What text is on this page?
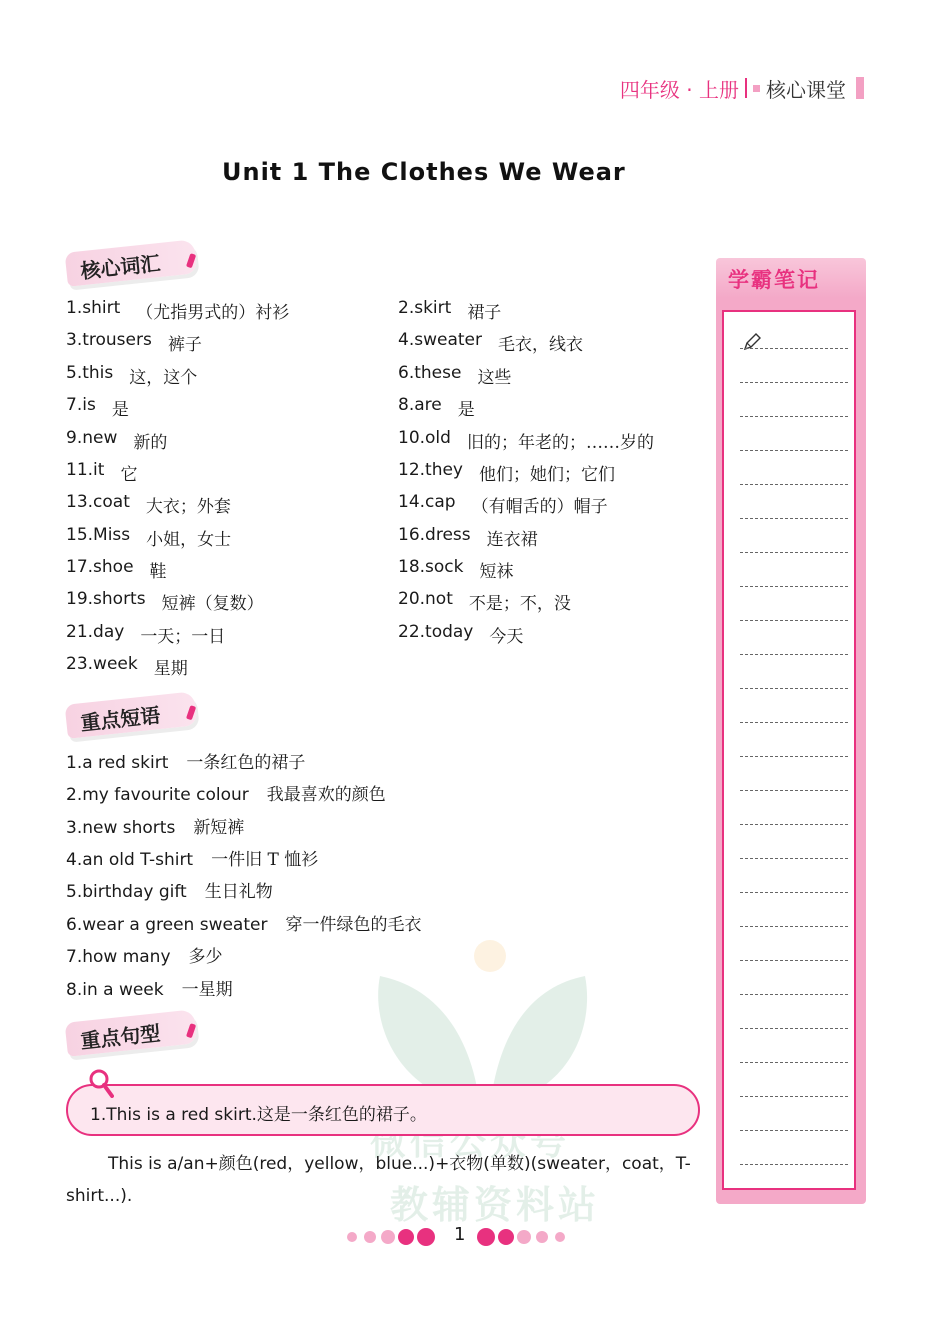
四年级 · 上册 核心课堂
Unit 1 The Clothes We Wear
核心词汇
1.shirt （尤指男式的）衬衫	2.skirt 裙子
3.trousers 裤子	4.sweater 毛衣，线衣
5.this 这，这个	6.these 这些
7.is 是	8.are 是
9.new 新的	10.old 旧的；年老的；……岁的
11.it 它	12.they 他们；她们；它们
13.coat 大衣；外套	14.cap （有帽舌的）帽子
15.Miss 小姐，女士	16.dress 连衣裙
17.shoe 鞋	18.sock 短袜
19.shorts 短裤（复数）	20.not 不是；不，没
21.day 一天；一日	22.today 今天
23.week 星期
重点短语
1.a red skirt 一条红色的裙子
2.my favourite colour 我最喜欢的颜色
3.new shorts 新短裤
4.an old T-shirt 一件旧 T 恤衫
5.birthday gift 生日礼物
6.wear a green sweater 穿一件绿色的毛衣
7.how many 多少
8.in a week 一星期
重点句型
微信公众号
教辅资料站
1.This is a red skirt.这是一条红色的裙子。
This is a/an+颜色(red，yellow，blue...)+衣物(单数)(sweater，coat，T-shirt...).
学霸笔记
1
